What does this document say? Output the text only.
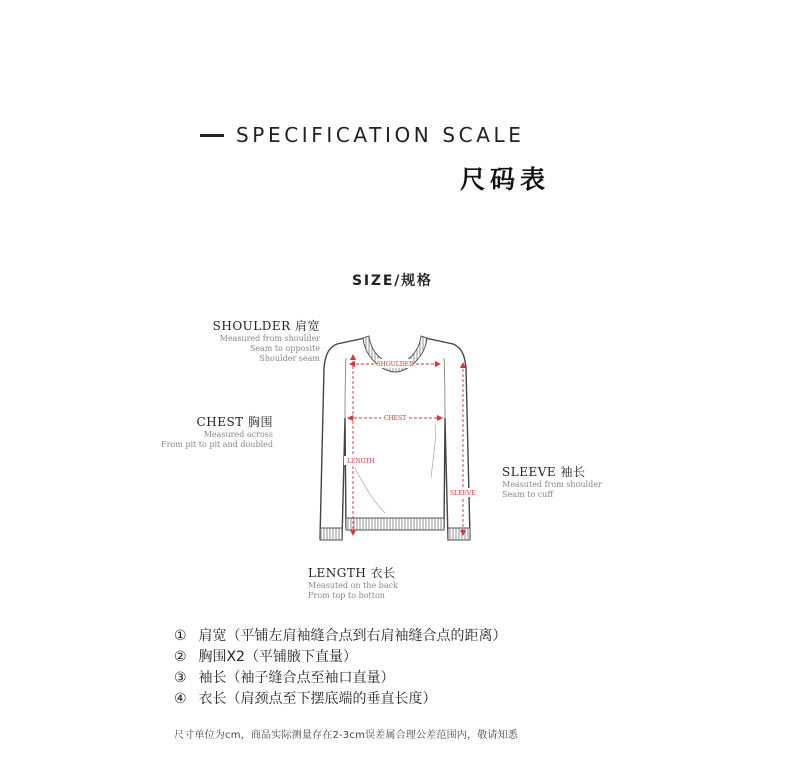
SPECIFICATION SCALE
尺码表
SIZE/规格
SHOULDER 肩宽
Measured from shoulder
Seam to opposite
Shoulder seam
CHEST 胸围
Measured across
From pit to pit and doubled
SLEEVE 袖长
Measuted from shoulder
Seam to cuff
LENGTH 衣长
Measuted on the back
From top to botton
SHOULDER
CHEST
LENGTH
SLEEVE
① 肩宽（平铺左肩袖缝合点到右肩袖缝合点的距离）
② 胸围X2（平铺腋下直量）
③ 袖长（袖子缝合点至袖口直量）
④ 衣长（肩颈点至下摆底端的垂直长度）
尺寸单位为cm，商品实际测量存在2-3cm误差属合理公差范围内，敬请知悉
